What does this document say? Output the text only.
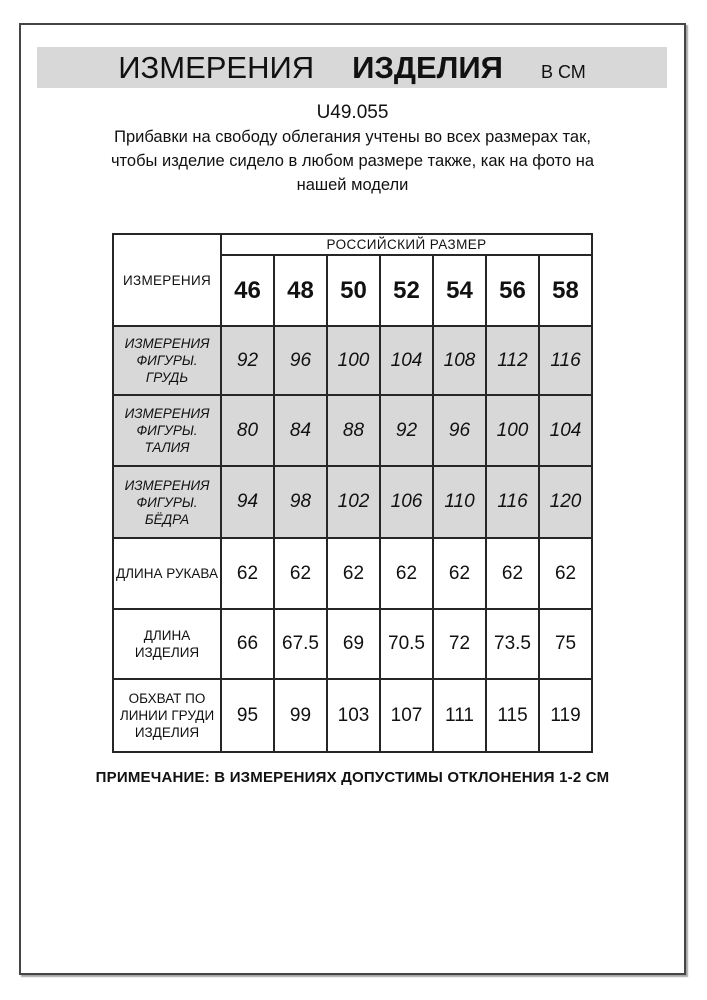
ИЗМЕРЕНИЯ ИЗДЕЛИЯ В СМ
U49.055
Прибавки на свободу облегания учтены во всех размерах так,
чтобы изделие сидело в любом размере также, как на фото на
нашей модели
ИЗМЕРЕНИЯ	РОССИЙСКИЙ РАЗМЕР						
	46	48	50	52	54	56	58
ИЗМЕРЕНИЯ ФИГУРЫ. ГРУДЬ	92	96	100	104	108	112	116
ИЗМЕРЕНИЯ ФИГУРЫ. ТАЛИЯ	80	84	88	92	96	100	104
ИЗМЕРЕНИЯ ФИГУРЫ. БЁДРА	94	98	102	106	110	116	120
ДЛИНА РУКАВА	62	62	62	62	62	62	62
ДЛИНА ИЗДЕЛИЯ	66	67.5	69	70.5	72	73.5	75
ОБХВАТ ПО ЛИНИИ ГРУДИ ИЗДЕЛИЯ	95	99	103	107	111	115	119
ПРИМЕЧАНИЕ: В ИЗМЕРЕНИЯХ ДОПУСТИМЫ ОТКЛОНЕНИЯ 1-2 СМ
